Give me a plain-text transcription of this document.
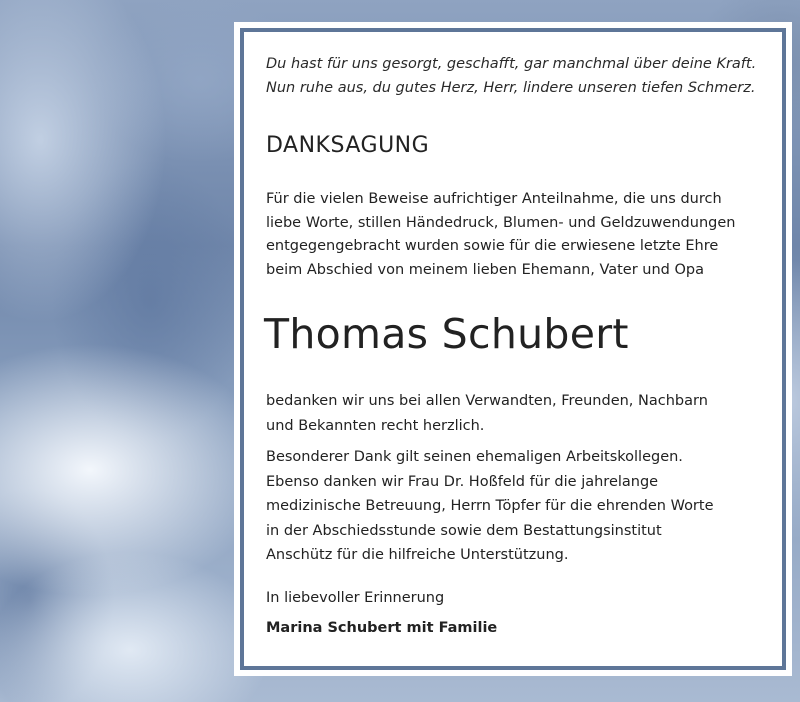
Du hast für uns gesorgt, geschafft, gar manchmal über deine Kraft.
Nun ruhe aus, du gutes Herz, Herr, lindere unseren tiefen Schmerz.

DANKSAGUNG

Für die vielen Beweise aufrichtiger Anteilnahme, die uns durch
liebe Worte, stillen Händedruck, Blumen- und Geldzuwendungen
entgegengebracht wurden sowie für die erwiesene letzte Ehre
beim Abschied von meinem lieben Ehemann, Vater und Opa

Thomas Schubert

bedanken wir uns bei allen Verwandten, Freunden, Nachbarn
und Bekannten recht herzlich.

Besonderer Dank gilt seinen ehemaligen Arbeitskollegen.
Ebenso danken wir Frau Dr. Hoßfeld für die jahrelange
medizinische Betreuung, Herrn Töpfer für die ehrenden Worte
in der Abschiedsstunde sowie dem Bestattungsinstitut
Anschütz für die hilfreiche Unterstützung.

In liebevoller Erinnerung

Marina Schubert mit Familie
